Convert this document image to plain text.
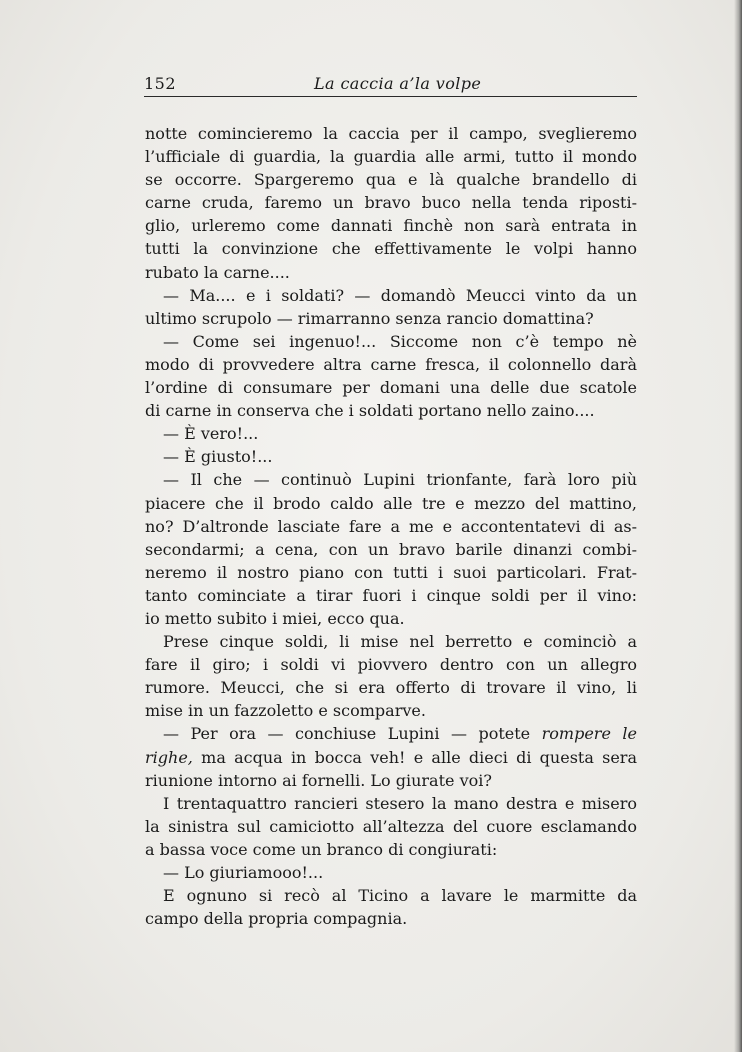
152	La caccia a’la volpe
notte comincieremo la caccia per il campo, sveglieremo
l’ufficiale di guardia, la guardia alle armi, tutto il mondo
se occorre. Spargeremo qua e là qualche brandello di
carne cruda, faremo un bravo buco nella tenda riposti-
glio, urleremo come dannati finchè non sarà entrata in
tutti la convinzione che effettivamente le volpi hanno
rubato la carne....
— Ma.... e i soldati? — domandò Meucci vinto da un
ultimo scrupolo — rimarranno senza rancio domattina?
— Come sei ingenuo!... Siccome non c’è tempo nè
modo di provvedere altra carne fresca, il colonnello darà
l’ordine di consumare per domani una delle due scatole
di carne in conserva che i soldati portano nello zaino....
— È vero!...
— È giusto!...
— Il che — continuò Lupini trionfante, farà loro più
piacere che il brodo caldo alle tre e mezzo del mattino,
no? D’altronde lasciate fare a me e accontentatevi di as-
secondarmi; a cena, con un bravo barile dinanzi combi-
neremo il nostro piano con tutti i suoi particolari. Frat-
tanto cominciate a tirar fuori i cinque soldi per il vino:
io metto subito i miei, ecco qua.
Prese cinque soldi, li mise nel berretto e cominciò a
fare il giro; i soldi vi piovvero dentro con un allegro
rumore. Meucci, che si era offerto di trovare il vino, li
mise in un fazzoletto e scomparve.
— Per ora — conchiuse Lupini — potete rompere le
righe, ma acqua in bocca veh! e alle dieci di questa sera
riunione intorno ai fornelli. Lo giurate voi?
I trentaquattro rancieri stesero la mano destra e misero
la sinistra sul camiciotto all’altezza del cuore esclamando
a bassa voce come un branco di congiurati:
— Lo giuriamooo!...
E ognuno si recò al Ticino a lavare le marmitte da
campo della propria compagnia.
